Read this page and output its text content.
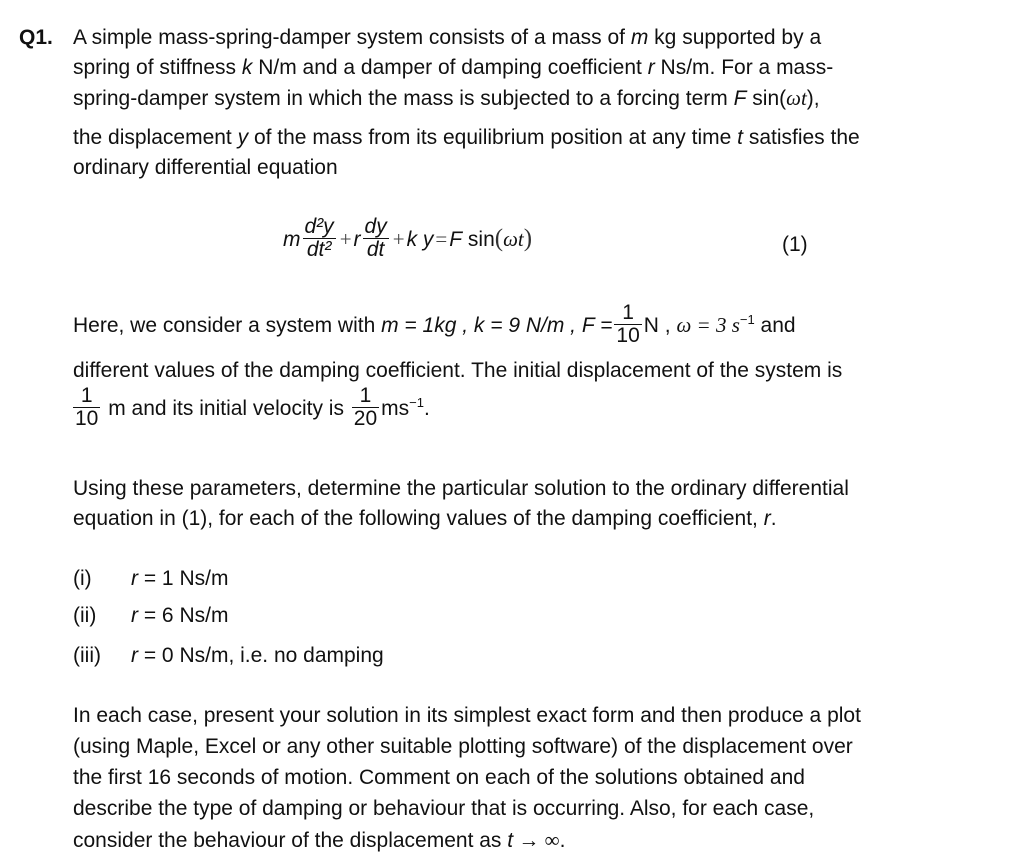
Q1. A simple mass-spring-damper system consists of a mass of m kg supported by a
spring of stiffness k N/m and a damper of damping coefficient r Ns/m. For a mass-
spring-damper system in which the mass is subjected to a forcing term F sin(ωt),
the displacement y of the mass from its equilibrium position at any time t satisfies the
ordinary differential equation
m $\frac{\text{d²y}}{\text{dt²}} +r \frac{dy}{dt} +k$ y=F sin(ωt)	(1)
Here, we consider a system with m = 1kg , k = 9 N/m , $F = \frac{1}{10}$ N , ω = 3 $s^{-1}$ and
different values of the damping coefficient. The initial displacement of the system is
$\frac{1}{10}$ m and its initial velocity is $\frac{1}{20} ms^{-1}$.
Using these parameters, determine the particular solution to the ordinary differential
equation in (1), for each of the following values of the damping coefficient, r.
(i) r = 1 Ns/m
(ii) r = 6 Ns/m
(iii) r = 0 Ns/m, i.e. no damping
In each case, present your solution in its simplest exact form and then produce a plot
(using Maple, Excel or any other suitable plotting software) of the displacement over
the first 16 seconds of motion. Comment on each of the solutions obtained and
describe the type of damping or behaviour that is occurring. Also, for each case,
consider the behaviour of the displacement as t → ∞.
